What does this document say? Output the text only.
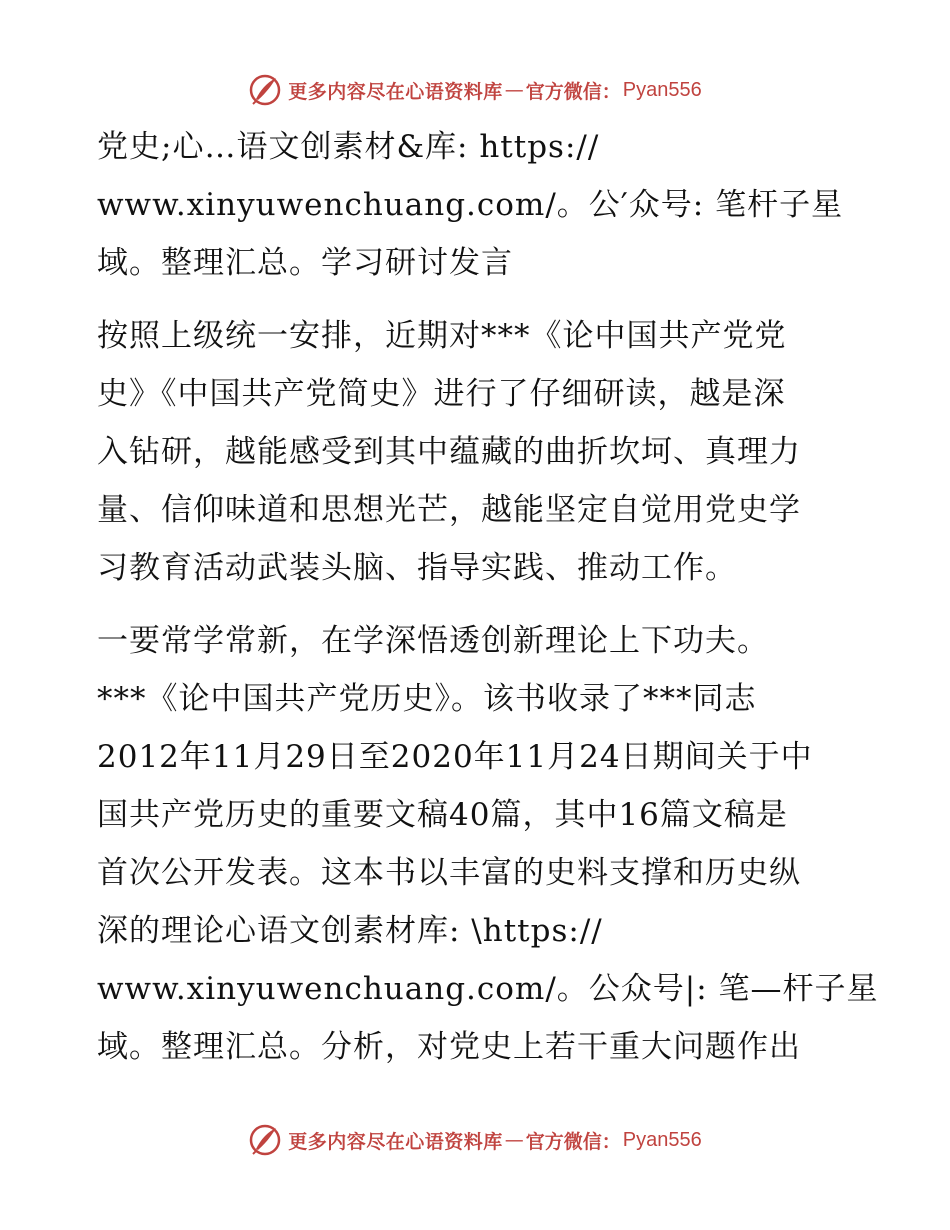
更多内容尽在心语资料库 — 官方微信： Pyan556
党史;心…语文创素材&库: https://
www.xinyuwenchuang.com/。公′众号: 笔杆子星
域。整理汇总。学习研讨发言
按照上级统一安排，近期对***《论中国共产党党
史》《中国共产党简史》进行了仔细研读，越是深
入钻研，越能感受到其中蕴藏的曲折坎坷、真理力
量、信仰味道和思想光芒，越能坚定自觉用党史学
习教育活动武装头脑、指导实践、推动工作。
一要常学常新，在学深悟透创新理论上下功夫。
***《论中国共产党历史》。该书收录了***同志
2012年11月29日至2020年11月24日期间关于中
国共产党历史的重要文稿40篇，其中16篇文稿是
首次公开发表。这本书以丰富的史料支撑和历史纵
深的理论心语文创素材库: \https://
www.xinyuwenchuang.com/。公众号|: 笔—杆子星
域。整理汇总。分析，对党史上若干重大问题作出
更多内容尽在心语资料库 — 官方微信： Pyan556
